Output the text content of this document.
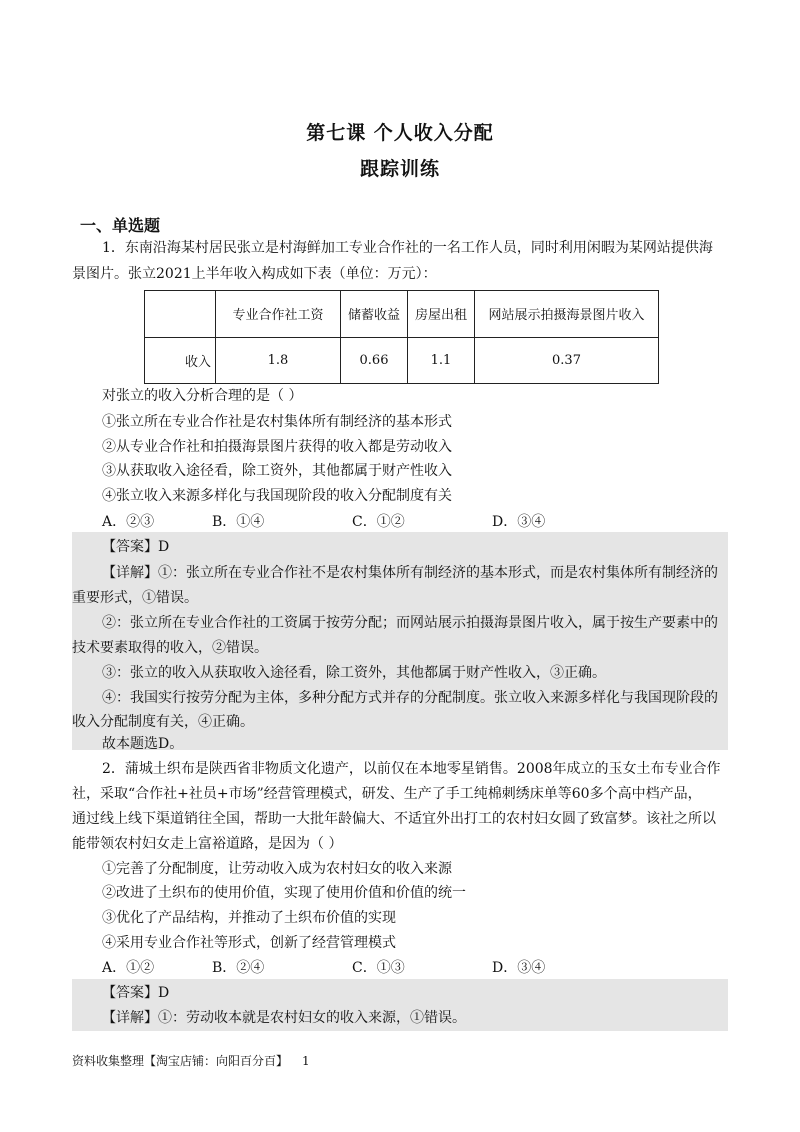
第七课 个人收入分配
跟踪训练
一、单选题
1．东南沿海某村居民张立是村海鲜加工专业合作社的一名工作人员，同时利用闲暇为某网站提供海
景图片。张立2021上半年收入构成如下表（单位：万元）：
	专业合作社工资	储蓄收益	房屋出租	网站展示拍摄海景图片收入
收入	1.8	0.66	1.1	0.37
对张立的收入分析合理的是（ ）
①张立所在专业合作社是农村集体所有制经济的基本形式
②从专业合作社和拍摄海景图片获得的收入都是劳动收入
③从获取收入途径看，除工资外，其他都属于财产性收入
④张立收入来源多样化与我国现阶段的收入分配制度有关
A．②③	B．①④	C．①②	D．③④
【答案】D
【详解】①：张立所在专业合作社不是农村集体所有制经济的基本形式，而是农村集体所有制经济的
重要形式，①错误。
②：张立所在专业合作社的工资属于按劳分配；而网站展示拍摄海景图片收入，属于按生产要素中的
技术要素取得的收入，②错误。
③：张立的收入从获取收入途径看，除工资外，其他都属于财产性收入，③正确。
④：我国实行按劳分配为主体，多种分配方式并存的分配制度。张立收入来源多样化与我国现阶段的
收入分配制度有关，④正确。
故本题选D。
2．蒲城土织布是陕西省非物质文化遗产，以前仅在本地零星销售。2008年成立的玉女土布专业合作
社，采取“合作社+社员+市场”经营管理模式，研发、生产了手工纯棉刺绣床单等60多个高中档产品，
通过线上线下渠道销往全国，帮助一大批年龄偏大、不适宜外出打工的农村妇女圆了致富梦。该社之所以
能带领农村妇女走上富裕道路，是因为（ ）
①完善了分配制度，让劳动收入成为农村妇女的收入来源
②改进了土织布的使用价值，实现了使用价值和价值的统一
③优化了产品结构，并推动了土织布价值的实现
④采用专业合作社等形式，创新了经营管理模式
A．①②	B．②④	C．①③	D．③④
【答案】D
【详解】①：劳动收本就是农村妇女的收入来源，①错误。
资料收集整理【淘宝店铺：向阳百分百】 1
